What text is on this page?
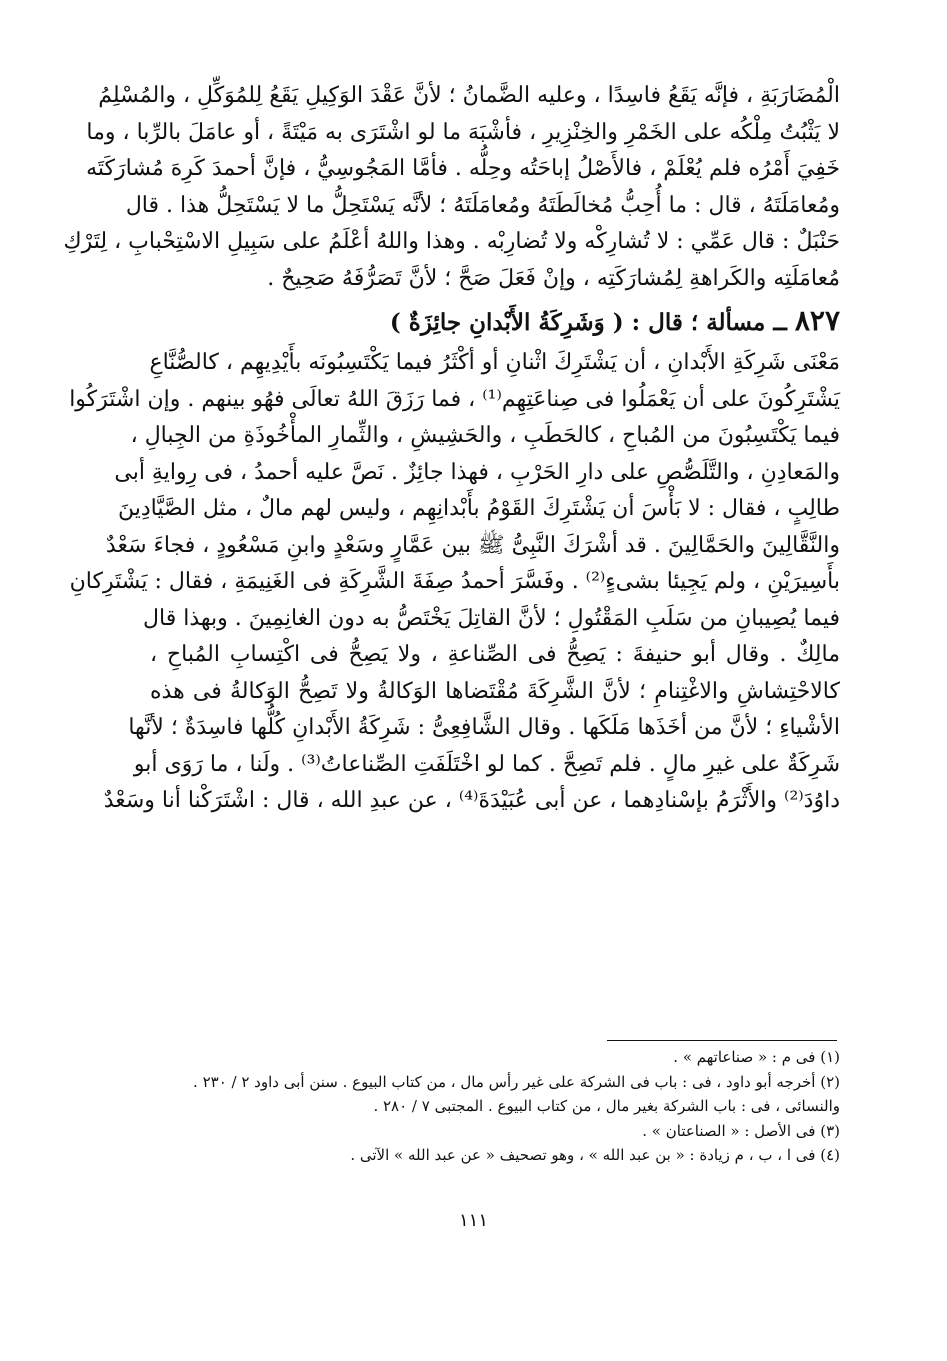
الْمُضَارَبَةِ ، فإنَّه يَقَعُ فاسِدًا ، وعليه الضَّمانُ ؛ لأنَّ عَقْدَ الوَكِيلِ يَقَعُ لِلمُوَكِّلِ ، والمُسْلِمُ
لا يَثْبُتُ مِلْكُه على الخَمْرِ والخِنْزِيرِ ، فأشْبَهَ ما لو اشْتَرَى به مَيْتَةً ، أو عامَلَ بالرِّبا ، وما
خَفِيَ أَمْرُه فلم يُعْلَمْ ، فالأَصْلُ إباحَتُه وحِلُّه . فأمَّا المَجُوسِيُّ ، فإنَّ أحمدَ كَرِهَ مُشارَكَتَه
ومُعامَلَتَهُ ، قال : ما أُحِبُّ مُخالَطَتَهُ ومُعامَلَتَهُ ؛ لأنَّه يَسْتَحِلُّ ما لا يَسْتَحِلُّ هذا . قال
حَنْبَلٌ : قال عَمِّي : لا تُشارِكْه ولا تُضارِبْه . وهذا واللهُ أعْلَمُ على سَبِيلِ الاسْتِحْبابِ ، لِتَرْكِ
مُعامَلَتِه والكَراهةِ لِمُشارَكَتِه ، وإنْ فَعَلَ صَحَّ ؛ لأنَّ تَصَرُّفَهُ صَحِيحٌ .
٨٢٧ ــ مسألة ؛ قال : ( وَشَرِكَةُ الأَبْدانِ جائِزَةٌ )
مَعْنَى شَرِكَةِ الأَبْدانِ ، أن يَشْتَرِكَ اثْنانِ أو أكْثَرُ فيما يَكْتَسِبُونَه بأَيْدِيهِم ، كالصُّنَّاعِ
يَشْتَرِكُونَ على أن يَعْمَلُوا فى صِناعَتِهِم⁽¹⁾ ، فما رَزَقَ اللهُ تعالَى فهُو بينهم . وإن اشْتَرَكُوا
فيما يَكْتَسِبُونَ من المُباحِ ، كالحَطَبِ ، والحَشِيشِ ، والثِّمارِ المأْخُوذَةِ من الجِبالِ ،
والمَعادِنِ ، والتَّلَصُّصِ على دارِ الحَرْبِ ، فهذا جائِزٌ . نَصَّ عليه أحمدُ ، فى رِوايةِ أبى
طالِبٍ ، فقال : لا بَأْسَ أن يَشْتَرِكَ القَوْمُ بأَبْدانِهِم ، وليس لهم مالٌ ، مثل الصَّيَّادِينَ
والنَّقَّالِينَ والحَمَّالِينَ . قد أشْرَكَ النَّبِىُّ ﷺ بين عَمَّارٍ وسَعْدٍ وابنِ مَسْعُودٍ ، فجاءَ سَعْدٌ
بأَسِيرَيْنِ ، ولم يَجِيئا بشىءٍ⁽²⁾ . وفَسَّرَ أحمدُ صِفَةَ الشَّرِكَةِ فى الغَنِيمَةِ ، فقال : يَشْتَرِكانِ
فيما يُصِيبانِ من سَلَبِ المَقْتُولِ ؛ لأنَّ القاتِلَ يَخْتَصُّ به دون الغانِمِينَ . وبهذا قال
مالِكٌ . وقال أبو حنيفةَ : يَصِحُّ فى الصِّناعةِ ، ولا يَصِحُّ فى اكْتِسابِ المُباحِ ،
كالاحْتِشاشِ والاغْتِنامِ ؛ لأنَّ الشَّرِكَةَ مُقْتَضاها الوَكالةُ ولا تَصِحُّ الوَكالةُ فى هذه
الأشْياءِ ؛ لأنَّ من أخَذَها مَلَكَها . وقال الشَّافِعِىُّ : شَرِكَةُ الأَبْدانِ كُلُّها فاسِدَةٌ ؛ لأنَّها
شَرِكَةٌ على غيرِ مالٍ . فلم تَصِحَّ . كما لو اخْتَلَفَتِ الصِّناعاتُ⁽³⁾ . ولَنا ، ما رَوَى أبو
داوُدَ⁽²⁾ والأَثْرَمُ بإسْنادِهما ، عن أبى عُبَيْدَةَ⁽⁴⁾ ، عن عبدِ الله ، قال : اشْتَرَكْنا أنا وسَعْدٌ
(١) فى م : « صناعاتهم » .
(٢) أخرجه أبو داود ، فى : باب فى الشركة على غير رأس مال ، من كتاب البيوع . سنن أبى داود ٢ / ٢٣٠ .
والنسائى ، فى : باب الشركة بغير مال ، من كتاب البيوع . المجتبى ٧ / ٢٨٠ .
(٣) فى الأصل : « الصناعتان » .
(٤) فى ا ، ب ، م زيادة : « بن عبد الله » ، وهو تصحيف « عن عبد الله » الآتى .
١١١
